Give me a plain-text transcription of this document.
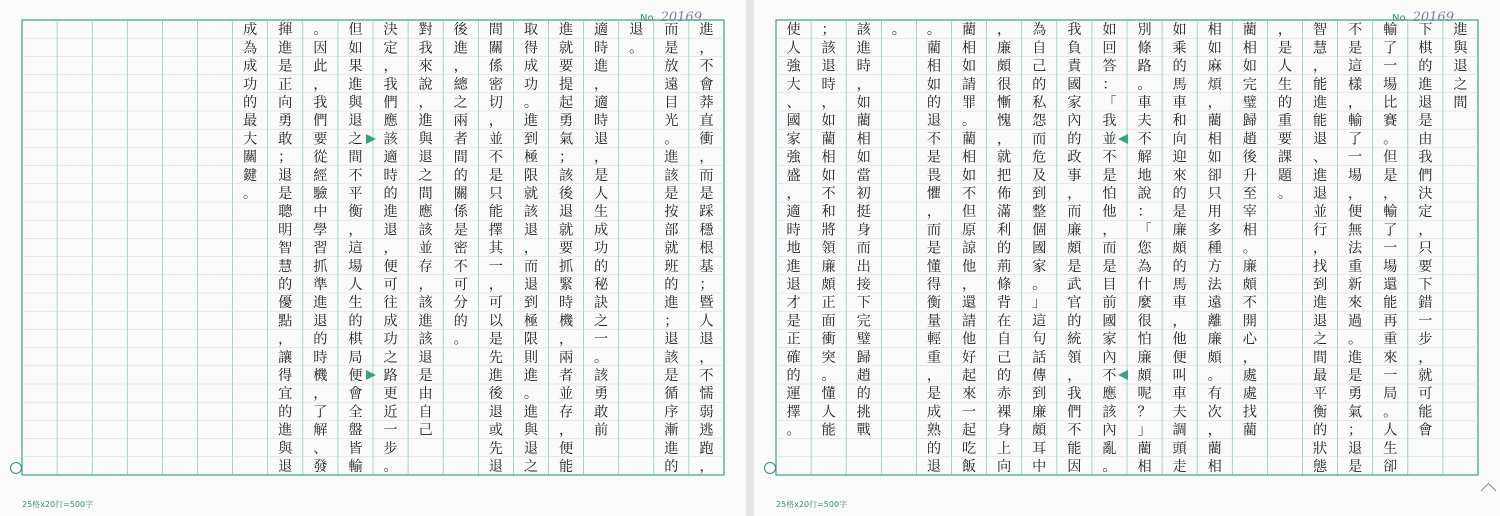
No. 20169
進
，
不
會
莽
直
衝
，
而
是
踩
穩
根
基
；
暨
人
退
，
不
懦
弱
逃
跑
，
而
是
放
遠
目
光
。
進
該
是
按
部
就
班
的
進
；
退
該
是
循
序
漸
進
的
退
。
適
時
進
，
適
時
退
，
是
人
生
成
功
的
秘
訣
之
一
。
該
勇
敢
前
進
就
要
提
起
勇
氣
；
該
後
退
就
要
抓
緊
時
機
，
兩
者
並
存
，
便
能
取
得
成
功
。
進
到
極
限
就
該
退
，
而
退
到
極
限
則
進
。
進
與
退
之
間
關
係
密
切
，
並
不
是
只
能
擇
其
一
，
可
以
是
先
進
後
退
或
先
退
後
進
，
總
之
兩
者
間
的
關
係
是
密
不
可
分
的
。
對
我
來
說
，
進
與
退
之
間
應
該
並
存
，
該
進
該
退
是
由
自
己
決
定
，
我
們
應
該
適
時
的
進
退
，
便
可
往
成
功
之
路
更
近
一
步
。
但
如
果
進
與
退
之
間
不
平
衡
，
這
場
人
生
的
棋
局
便
會
全
盤
皆
輸
。
因
此
，
我
們
要
從
經
驗
中
學
習
抓
準
進
退
的
時
機
，
了
解
、
發
揮
進
是
正
向
勇
敢
；
退
是
聰
明
智
慧
的
優
點
，
讓
得
宜
的
進
與
退
成
為
成
功
的
最
大
關
鍵
。
25格x20行=500字
No. 20169
進
與
退
之
間
下
棋
的
進
退
是
由
我
們
決
定
，
只
要
下
錯
一
步
，
就
可
能
會
輸
了
一
場
比
賽
。
但
是
，
輸
了
一
場
還
能
再
重
來
一
局
。
人
生
卻
不
是
這
樣
，
輸
了
一
場
，
便
無
法
重
新
來
過
。
進
是
勇
氣
；
退
是
智
慧
，
能
進
能
退
、
進
退
並
行
，
找
到
進
退
之
間
最
平
衡
的
狀
態
，
是
人
生
的
重
要
課
題
。
藺
相
如
完
璧
歸
趙
後
升
至
宰
相
。
廉
頗
不
開
心
，
處
處
找
藺
相
如
麻
煩
，
藺
相
如
卻
只
用
多
種
方
法
遠
離
廉
頗
。
有
次
，
藺
相
如
乘
的
馬
車
和
向
迎
來
的
是
廉
頗
的
馬
車
，
他
便
叫
車
夫
調
頭
走
別
條
路
。
車
夫
不
解
地
說
：
「
您
為
什
麼
很
怕
廉
頗
呢
？
」
藺
相
如
回
答
：
「
我
並
不
是
怕
他
，
而
是
目
前
國
家
內
不
應
該
內
亂
。
我
負
責
國
家
內
的
政
事
，
而
廉
頗
是
武
官
的
統
領
，
我
們
不
能
因
為
自
己
的
私
怨
而
危
及
到
整
個
國
家
。
」
這
句
話
傳
到
廉
頗
耳
中
，
廉
頗
很
慚
愧
，
就
把
佈
滿
利
的
荊
條
背
在
自
己
的
赤
裸
身
上
向
藺
相
如
請
罪
。
藺
相
如
不
但
原
諒
他
，
還
請
他
好
起
來
一
起
吃
飯
。
藺
相
如
的
退
不
是
畏
懼
，
而
是
懂
得
衡
量
輕
重
，
是
成
熟
的
退
。
該
進
時
，
如
藺
相
如
當
初
挺
身
而
出
接
下
完
璧
歸
趙
的
挑
戰
；
該
退
時
，
如
藺
相
如
不
和
將
領
廉
頗
正
面
衝
突
。
懂
人
能
使
人
強
大
、
國
家
強
盛
，
適
時
地
進
退
才
是
正
確
的
運
擇
。
25格x20行=500字
